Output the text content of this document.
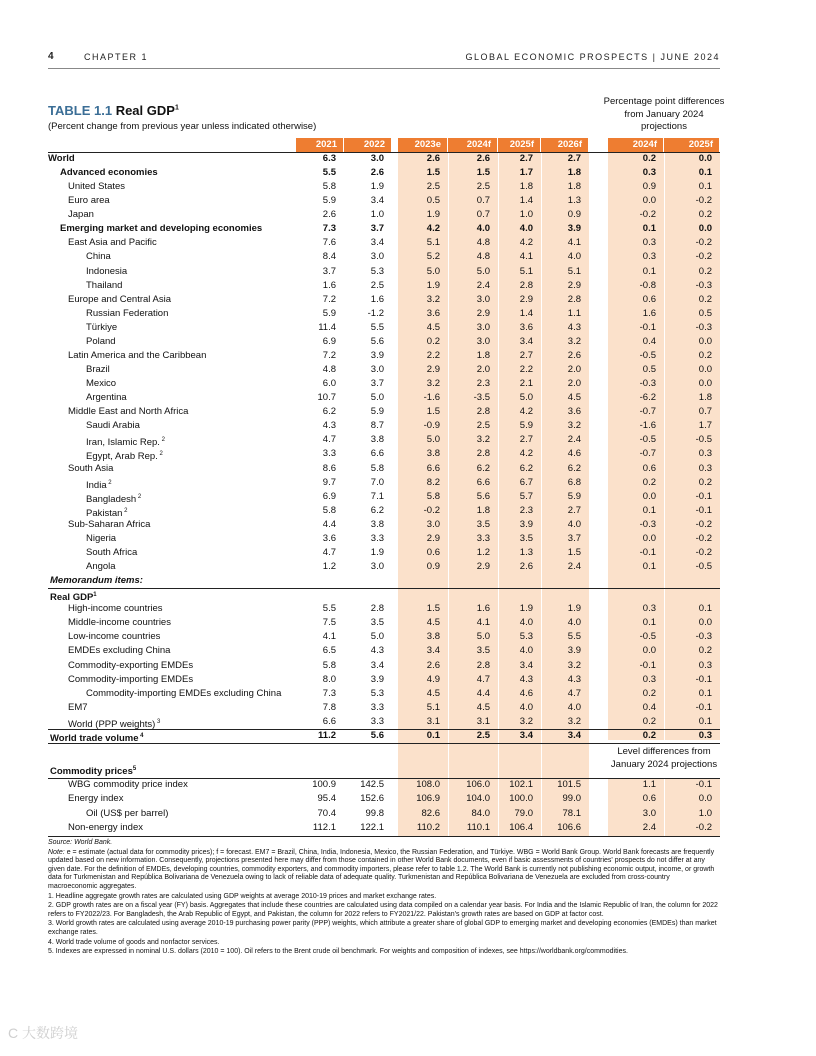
4	CHAPTER 1	GLOBAL ECONOMIC PROSPECTS | JUNE 2024
TABLE 1.1 Real GDP$^1$
(Percent change from previous year unless indicated otherwise)
Percentage point differences from January 2024 projections
2021	2022	2023e	2024f	2025f	2026f	2024f	2025f
World	6.3	3.0	2.6	2.6	2.7	2.7	0.2	0.0
Advanced economies	5.5	2.6	1.5	1.5	1.7	1.8	0.3	0.1
United States	5.8	1.9	2.5	2.5	1.8	1.8	0.9	0.1
Euro area	5.9	3.4	0.5	0.7	1.4	1.3	0.0	-0.2
Japan	2.6	1.0	1.9	0.7	1.0	0.9	-0.2	0.2
Emerging market and developing economies	7.3	3.7	4.2	4.0	4.0	3.9	0.1	0.0
East Asia and Pacific	7.6	3.4	5.1	4.8	4.2	4.1	0.3	-0.2
China	8.4	3.0	5.2	4.8	4.1	4.0	0.3	-0.2
Indonesia	3.7	5.3	5.0	5.0	5.1	5.1	0.1	0.2
Thailand	1.6	2.5	1.9	2.4	2.8	2.9	-0.8	-0.3
Europe and Central Asia	7.2	1.6	3.2	3.0	2.9	2.8	0.6	0.2
Russian Federation	5.9	-1.2	3.6	2.9	1.4	1.1	1.6	0.5
Türkiye	11.4	5.5	4.5	3.0	3.6	4.3	-0.1	-0.3
Poland	6.9	5.6	0.2	3.0	3.4	3.2	0.4	0.0
Latin America and the Caribbean	7.2	3.9	2.2	1.8	2.7	2.6	-0.5	0.2
Brazil	4.8	3.0	2.9	2.0	2.2	2.0	0.5	0.0
Mexico	6.0	3.7	3.2	2.3	2.1	2.0	-0.3	0.0
Argentina	10.7	5.0	-1.6	-3.5	5.0	4.5	-6.2	1.8
Middle East and North Africa	6.2	5.9	1.5	2.8	4.2	3.6	-0.7	0.7
Saudi Arabia	4.3	8.7	-0.9	2.5	5.9	3.2	-1.6	1.7
Iran, Islamic Rep. $^2$	4.7	3.8	5.0	3.2	2.7	2.4	-0.5	-0.5
Egypt, Arab Rep. $^2$	3.3	6.6	3.8	2.8	4.2	4.6	-0.7	0.3
South Asia	8.6	5.8	6.6	6.2	6.2	6.2	0.6	0.3
India $^2$	9.7	7.0	8.2	6.6	6.7	6.8	0.2	0.2
Bangladesh $^2$	6.9	7.1	5.8	5.6	5.7	5.9	0.0	-0.1
Pakistan $^2$	5.8	6.2	-0.2	1.8	2.3	2.7	0.1	-0.1
Sub-Saharan Africa	4.4	3.8	3.0	3.5	3.9	4.0	-0.3	-0.2
Nigeria	3.6	3.3	2.9	3.3	3.5	3.7	0.0	-0.2
South Africa	4.7	1.9	0.6	1.2	1.3	1.5	-0.1	-0.2
Angola	1.2	3.0	0.9	2.9	2.6	2.4	0.1	-0.5
Memorandum items:
Real GDP$^1$
High-income countries	5.5	2.8	1.5	1.6	1.9	1.9	0.3	0.1
Middle-income countries	7.5	3.5	4.5	4.1	4.0	4.0	0.1	0.0
Low-income countries	4.1	5.0	3.8	5.0	5.3	5.5	-0.5	-0.3
EMDEs excluding China	6.5	4.3	3.4	3.5	4.0	3.9	0.0	0.2
Commodity-exporting EMDEs	5.8	3.4	2.6	2.8	3.4	3.2	-0.1	0.3
Commodity-importing EMDEs	8.0	3.9	4.9	4.7	4.3	4.3	0.3	-0.1
Commodity-importing EMDEs excluding China	7.3	5.3	4.5	4.4	4.6	4.7	0.2	0.1
EM7	7.8	3.3	5.1	4.5	4.0	4.0	0.4	-0.1
World (PPP weights) $^3$	6.6	3.3	3.1	3.1	3.2	3.2	0.2	0.1
World trade volume $^4$	11.2	5.6	0.1	2.5	3.4	3.4	0.2	0.3
Commodity prices$^5$
WBG commodity price index	100.9	142.5	108.0	106.0	102.1	101.5	1.1	-0.1
Energy index	95.4	152.6	106.9	104.0	100.0	99.0	0.6	0.0
Oil (US$ per barrel)	70.4	99.8	82.6	84.0	79.0	78.1	3.0	1.0
Non-energy index	112.1	122.1	110.2	110.1	106.4	106.6	2.4	-0.2
Level differences from January 2024 projections

Source: World Bank.

Note: e = estimate (actual data for commodity prices); f = forecast. EM7 = Brazil, China, India, Indonesia, Mexico, the Russian Federation, and Türkiye. WBG = World Bank Group. World Bank forecasts are frequently updated based on new information. Consequently, projections presented here may differ from those contained in other World Bank documents, even if basic assessments of countries' prospects do not differ at any given date. For the definition of EMDEs, developing countries, commodity exporters, and commodity importers, please refer to table 1.2. The World Bank is currently not publishing economic output, income, or growth data for Turkmenistan and República Bolivariana de Venezuela owing to lack of reliable data of adequate quality. Turkmenistan and República Bolivariana de Venezuela are excluded from cross-country macroeconomic aggregates.

1. Headline aggregate growth rates are calculated using GDP weights at average 2010-19 prices and market exchange rates.

2. GDP growth rates are on a fiscal year (FY) basis. Aggregates that include these countries are calculated using data compiled on a calendar year basis. For India and the Islamic Republic of Iran, the column for 2022 refers to FY2022/23. For Bangladesh, the Arab Republic of Egypt, and Pakistan, the column for 2022 refers to FY2021/22. Pakistan's growth rates are based on GDP at factor cost.

3. World growth rates are calculated using average 2010-19 purchasing power parity (PPP) weights, which attribute a greater share of global GDP to emerging market and developing economies (EMDEs) than market exchange rates.

4. World trade volume of goods and nonfactor services.

5. Indexes are expressed in nominal U.S. dollars (2010 = 100). Oil refers to the Brent crude oil benchmark. For weights and composition of indexes, see https://worldbank.org/commodities.

C 大数跨境
